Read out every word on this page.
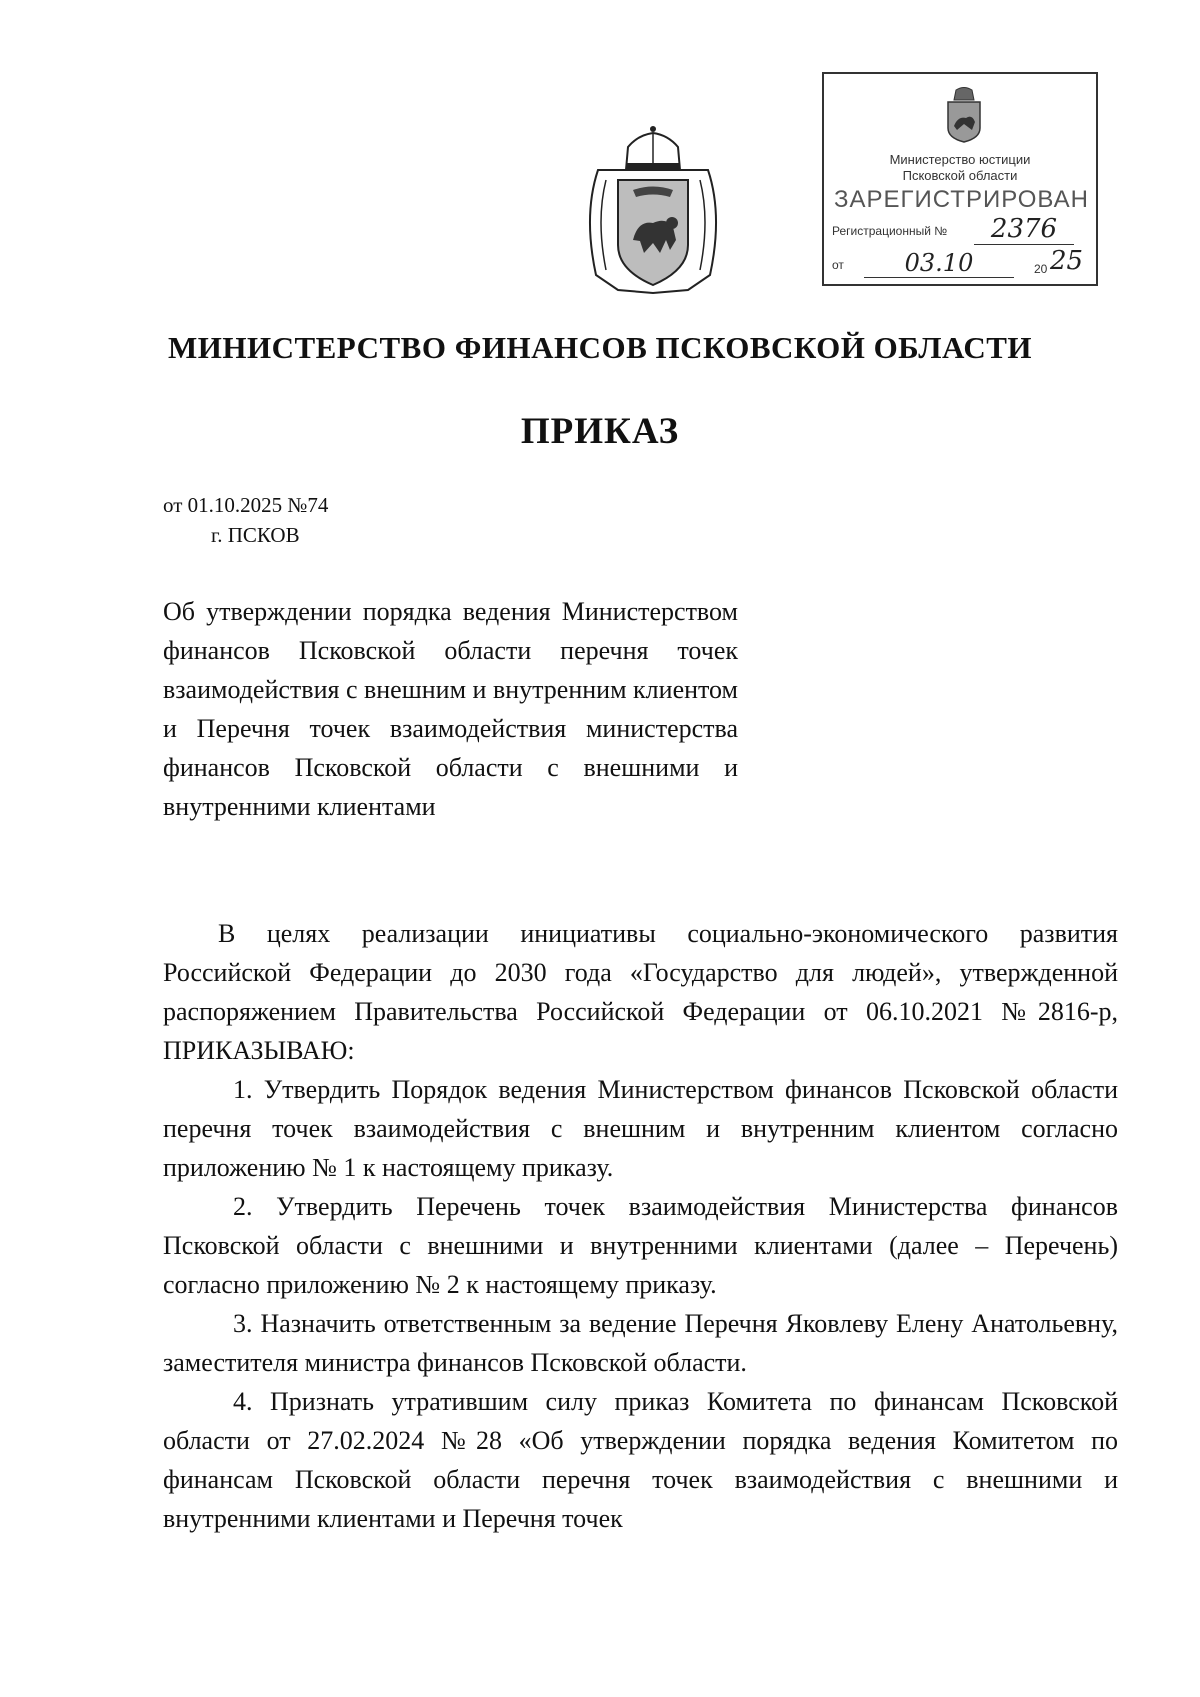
Министерство юстиции
Псковской области
ЗАРЕГИСТРИРОВАН
Регистрационный №	2376
от	03.10	20 25
МИНИСТЕРСТВО ФИНАНСОВ ПСКОВСКОЙ ОБЛАСТИ
ПРИКАЗ
от 01.10.2025 №74
г. ПСКОВ
Об утверждении порядка ведения Министерством финансов Псковской области перечня точек взаимодействия с внешним и внутренним клиентом и Перечня точек взаимодействия министерства финансов Псковской области с внешними и внутренними клиентами

В целях реализации инициативы социально-экономического развития Российской Федерации до 2030 года «Государство для людей», утвержденной распоряжением Правительства Российской Федерации от 06.10.2021 №2816-р, ПРИКАЗЫВАЮ:

1. Утвердить Порядок ведения Министерством финансов Псковской области перечня точек взаимодействия с внешним и внутренним клиентом согласно приложению № 1 к настоящему приказу.

2. Утвердить Перечень точек взаимодействия Министерства финансов Псковской области с внешними и внутренними клиентами (далее – Перечень) согласно приложению № 2 к настоящему приказу.

3. Назначить ответственным за ведение Перечня Яковлеву Елену Анатольевну, заместителя министра финансов Псковской области.

4. Признать утратившим силу приказ Комитета по финансам Псковской области от 27.02.2024 №28 «Об утверждении порядка ведения Комитетом по финансам Псковской области перечня точек взаимодействия с внешними и внутренними клиентами и Перечня точек
